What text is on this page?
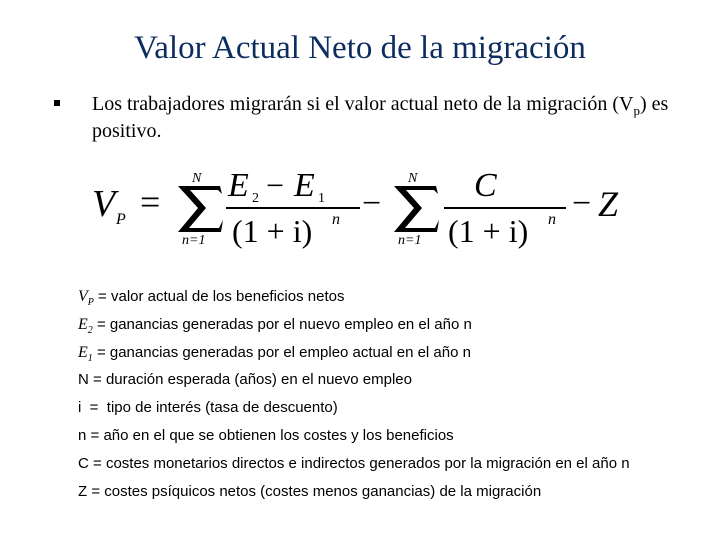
Valor Actual Neto de la migración
Los trabajadores migrarán si el valor actual neto de la migración $(V_p)$ es positivo.
V P =
N
n=1
E 2 − E 1
(1 + i) n −
N
n=1
C
(1 + i) n − Z
$V_P$ = valor actual de los beneficios netos
$E_2$ = ganancias generadas por el nuevo empleo en el año n
$E_1$ = ganancias generadas por el empleo actual en el año n
N = duración esperada (años) en el nuevo empleo
i  =  tipo de interés (tasa de descuento)
n = año en el que se obtienen los costes y los beneficios
C = costes monetarios directos e indirectos generados por la migración en el año n
Z = costes psíquicos netos (costes menos ganancias) de la migración
